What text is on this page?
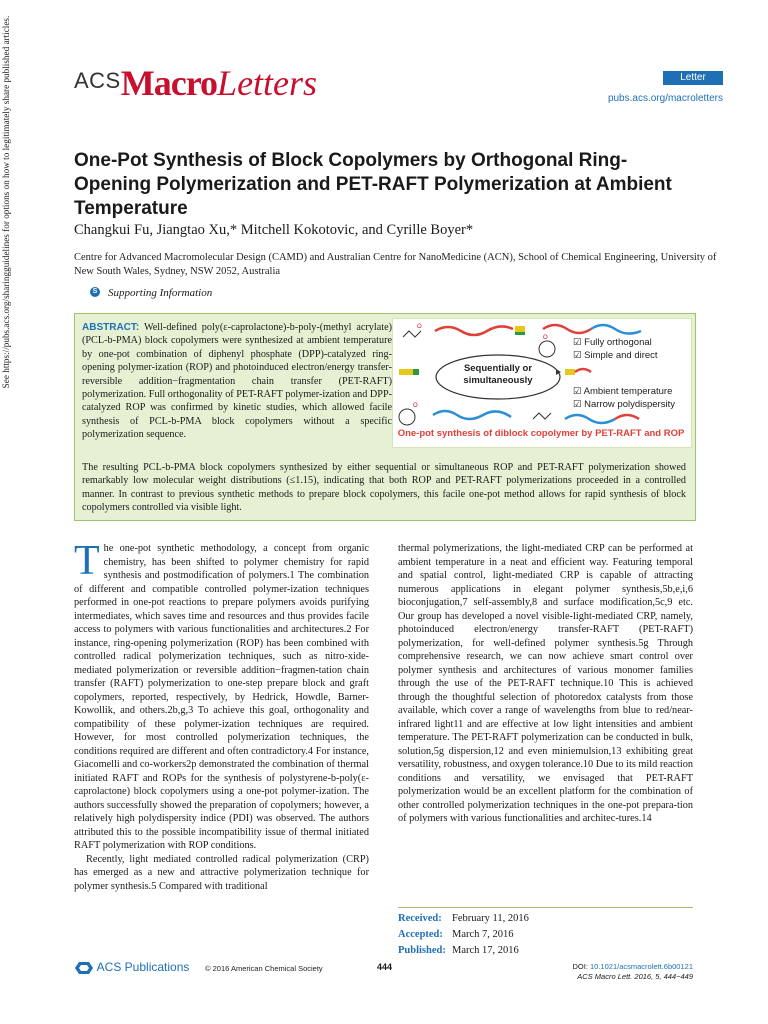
See https://pubs.acs.org/sharingguidelines for options on how to legitimately share published articles.	ACSMacroLetters	Letter
pubs.acs.org/macroletters
One-Pot Synthesis of Block Copolymers by Orthogonal Ring-Opening Polymerization and PET-RAFT Polymerization at Ambient Temperature
Changkui Fu, Jiangtao Xu,* Mitchell Kokotovic, and Cyrille Boyer*
Centre for Advanced Macromolecular Design (CAMD) and Australian Centre for NanoMedicine (ACN), School of Chemical Engineering, University of New South Wales, Sydney, NSW 2052, Australia
S Supporting Information
ABSTRACT: Well-defined poly(ε-caprolactone)-b-poly-(methyl acrylate) (PCL-b-PMA) block copolymers were synthesized at ambient temperature by one-pot combination of diphenyl phosphate (DPP)-catalyzed ring-opening polymer-ization (ROP) and photoinduced electron/energy transfer-reversible addition−fragmentation chain transfer (PET-RAFT) polymerization. Full orthogonality of PET-RAFT polymer-ization and DPP-catalyzed ROP was confirmed by kinetic studies, which allowed facile synthesis of PCL-b-PMA block copolymers without a specific polymerization sequence.
The resulting PCL-b-PMA block copolymers synthesized by either sequential or simultaneous ROP and PET-RAFT polymerization showed remarkably low molecular weight distributions (≤1.15), indicating that both ROP and PET-RAFT polymerizations proceeded in a controlled manner. In contrast to previous synthetic methods to prepare block copolymers, this facile one-pot method allows for rapid synthesis of block copolymers controlled via visible light.
O
O
Sequentially or
simultaneously
O
☑ Fully orthogonal
☑ Simple and direct
☑ Ambient temperature
☑ Narrow polydispersity
One-pot synthesis of diblock copolymer by PET-RAFT and ROP
T he one-pot synthetic methodology, a concept from organic chemistry, has been shifted to polymer chemistry for rapid synthesis and postmodification of polymers.1 The combination of different and compatible controlled polymer-ization techniques performed in one-pot reactions to prepare polymers avoids purifying intermediates, which saves time and resources and thus provides facile access to polymers with various functionalities and architectures.2 For instance, ring-opening polymerization (ROP) has been combined with controlled radical polymerization techniques, such as nitro-xide-mediated polymerization or reversible addition−fragmen-tation chain transfer (RAFT) polymerization to one-step prepare block and graft copolymers, reported, respectively, by Hedrick, Howdle, Barner-Kowollik, and others.2b,g,3 To achieve this goal, orthogonality and compatibility of these polymer-ization techniques are required. However, for most controlled polymerization techniques, the conditions required are different and often contradictory.4 For instance, Giacomelli and co-workers2p demonstrated the combination of thermal initiated RAFT and ROPs for the synthesis of polystyrene-b-poly(ε-caprolactone) block copolymers using a one-pot polymer-ization. The authors successfully showed the preparation of copolymers; however, a relatively high polydispersity indice (PDI) was observed. The authors attributed this to the possible incompatibility issue of thermal initiated RAFT polymerization with ROP conditions.

Recently, light mediated controlled radical polymerization (CRP) has emerged as a new and attractive polymerization technique for polymer synthesis.5 Compared with traditional

thermal polymerizations, the light-mediated CRP can be performed at ambient temperature in a neat and efficient way. Featuring temporal and spatial control, light-mediated CRP is capable of attracting numerous applications in elegant polymer synthesis,5b,e,i,6 bioconjugation,7 self-assembly,8 and surface modification,5c,9 etc. Our group has developed a novel visible-light-mediated CRP, namely, photoinduced electron/energy transfer-RAFT (PET-RAFT) polymerization, for well-defined polymer synthesis.5g Through comprehensive research, we can now achieve smart control over polymer synthesis and architectures of various monomer families through the use of the PET-RAFT technique.10 This is achieved through the thoughtful selection of photoredox catalysts from those available, which cover a range of wavelengths from blue to red/near-infrared light11 and are effective at low light intensities and ambient temperature. The PET-RAFT polymerization can be conducted in bulk, solution,5g dispersion,12 and even miniemulsion,13 exhibiting great versatility, robustness, and oxygen tolerance.10 Due to its mild reaction conditions and versatility, we envisaged that PET-RAFT polymerization would be an excellent platform for the combination of other controlled polymerization techniques in the one-pot prepara-tion of polymers with various functionalities and architec-tures.14

Received: February 11, 2016
Accepted: March 7, 2016
Published: March 17, 2016
ACS Publications © 2016 American Chemical Society	444	DOI: 10.1021/acsmacrolett.6b00121
ACS Macro Lett. 2016, 5, 444−449
